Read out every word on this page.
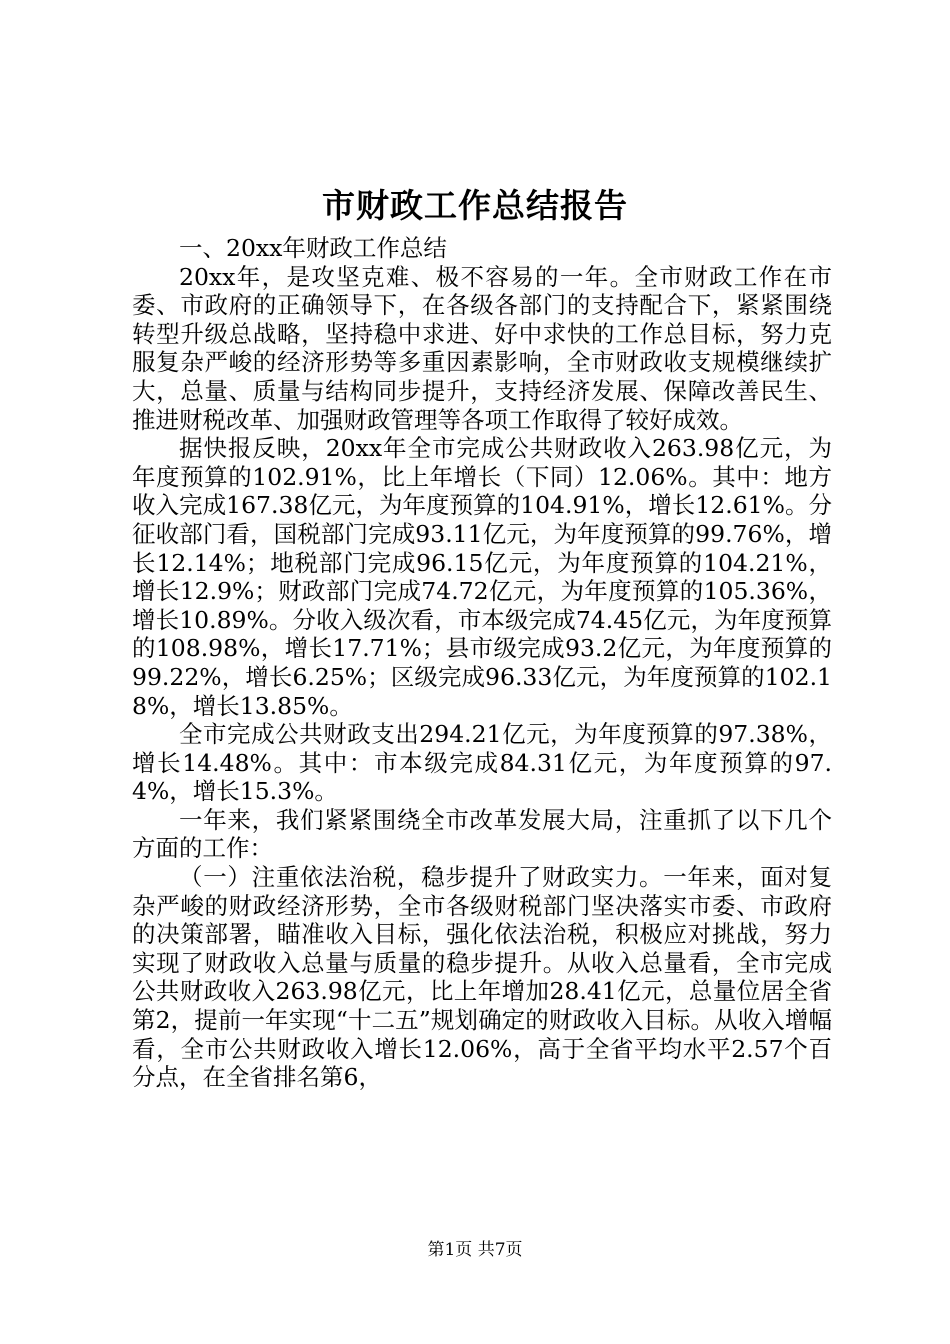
市财政工作总结报告

一、20xx年财政工作总结

20xx年，是攻坚克难、极不容易的一年。全市财政工作在市委、市政府的正确领导下，在各级各部门的支持配合下，紧紧围绕转型升级总战略，坚持稳中求进、好中求快的工作总目标，努力克服复杂严峻的经济形势等多重因素影响，全市财政收支规模继续扩大，总量、质量与结构同步提升，支持经济发展、保障改善民生、推进财税改革、加强财政管理等各项工作取得了较好成效。

据快报反映，20xx年全市完成公共财政收入263.98亿元，为年度预算的102.91%，比上年增长（下同）12.06%。其中：地方收入完成167.38亿元，为年度预算的104.91%，增长12.61%。分征收部门看，国税部门完成93.11亿元，为年度预算的99.76%，增长12.14%；地税部门完成96.15亿元，为年度预算的104.21%，增长12.9%；财政部门完成74.72亿元，为年度预算的105.36%，增长10.89%。分收入级次看，市本级完成74.45亿元，为年度预算的108.98%，增长17.71%；县市级完成93.2亿元，为年度预算的99.22%，增长6.25%；区级完成96.33亿元，为年度预算的102.18%，增长13.85%。

全市完成公共财政支出294.21亿元，为年度预算的97.38%，增长14.48%。其中：市本级完成84.31亿元，为年度预算的97.4%，增长15.3%。

一年来，我们紧紧围绕全市改革发展大局，注重抓了以下几个方面的工作：

（一）注重依法治税，稳步提升了财政实力。一年来，面对复杂严峻的财政经济形势，全市各级财税部门坚决落实市委、市政府的决策部署，瞄准收入目标，强化依法治税，积极应对挑战，努力实现了财政收入总量与质量的稳步提升。从收入总量看，全市完成公共财政收入263.98亿元，比上年增加28.41亿元，总量位居全省第2，提前一年实现“十二五”规划确定的财政收入目标。从收入增幅看，全市公共财政收入增长12.06%，高于全省平均水平2.57个百分点，在全省排名第6，

第1页 共7页
